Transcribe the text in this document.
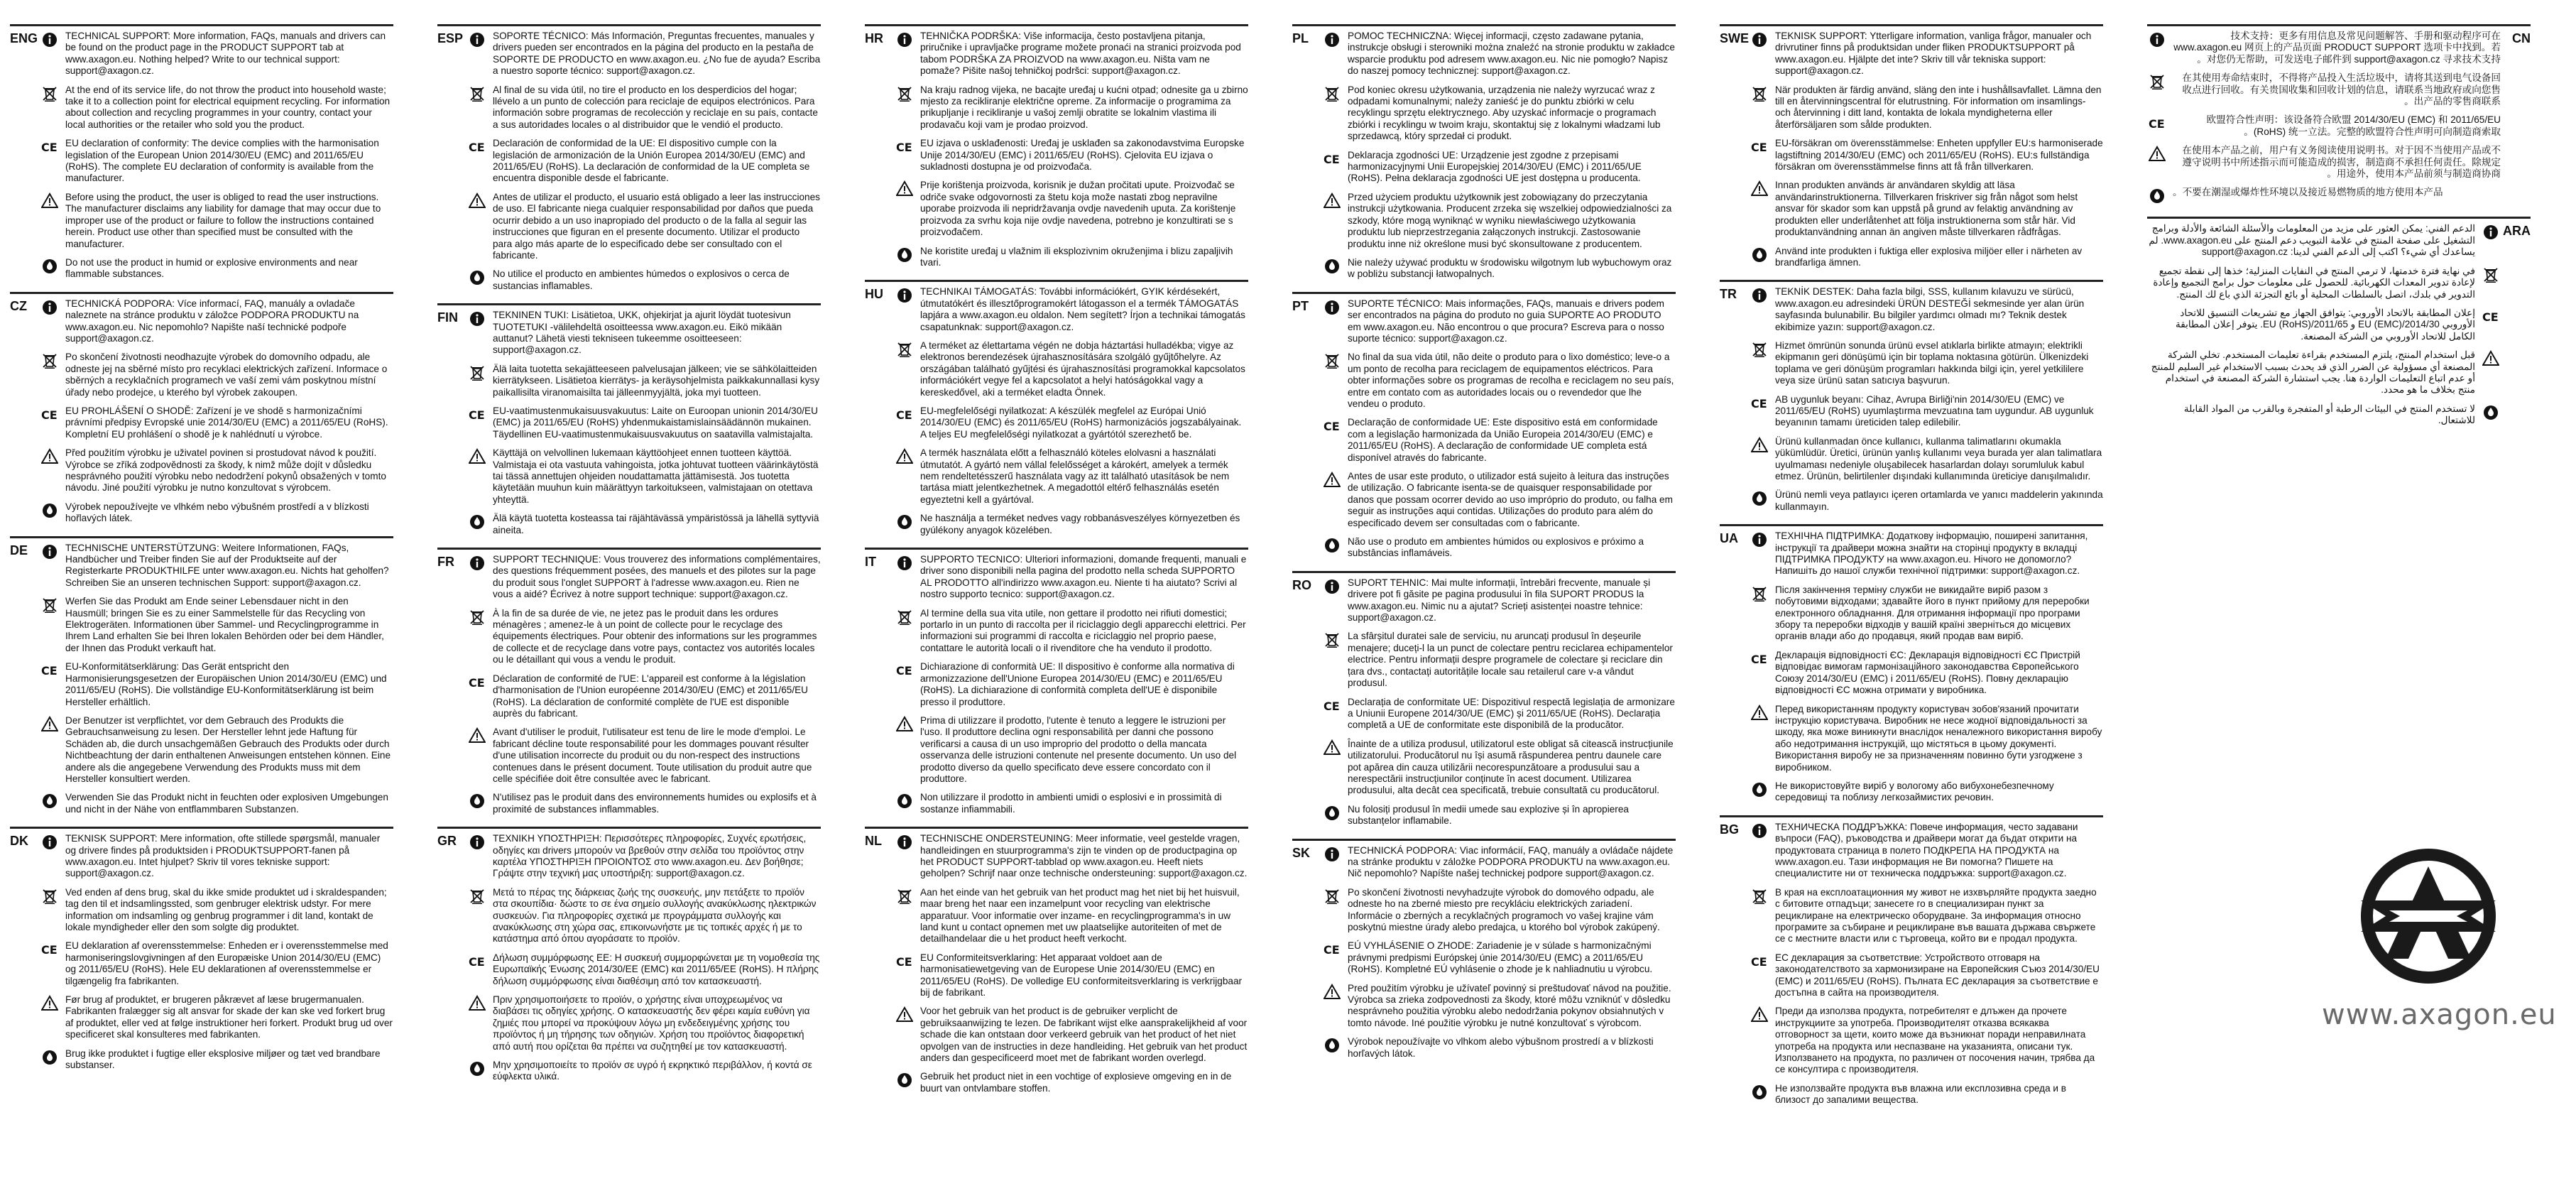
ENG	TECHNICAL SUPPORT: More information, FAQs, manuals and drivers can be found on the product page in the PRODUCT SUPPORT tab at www.axagon.eu. Nothing helped? Write to our technical support: support@axagon.cz.
At the end of its service life, do not throw the product into household waste; take it to a collection point for electrical equipment recycling. For information about collection and recycling programmes in your country, contact your local authorities or the retailer who sold you the product.
CE EU declaration of conformity: The device complies with the harmonisation legislation of the European Union 2014/30/EU (EMC) and 2011/65/EU (RoHS). The complete EU declaration of conformity is available from the manufacturer.
Before using the product, the user is obliged to read the user instructions. The manufacturer disclaims any liability for damage that may occur due to improper use of the product or failure to follow the instructions contained herein. Product use other than specified must be consulted with the manufacturer.
Do not use the product in humid or explosive environments and near flammable substances.
CZ	TECHNICKÁ PODPORA: Více informací, FAQ, manuály a ovladače naleznete na stránce produktu v záložce PODPORA PRODUKTU na www.axagon.eu. Nic nepomohlo? Napište naší technické podpoře support@axagon.cz.
Po skončení životnosti neodhazujte výrobek do domovního odpadu, ale odneste jej na sběrné místo pro recyklaci elektrických zařízení. Informace o sběrných a recyklačních programech ve vaší zemi vám poskytnou místní úřady nebo prodejce, u kterého byl výrobek zakoupen.
CE EU PROHLÁŠENÍ O SHODĚ: Zařízení je ve shodě s harmonizačními právními předpisy Evropské unie 2014/30/EU (EMC) a 2011/65/EU (RoHS). Kompletní EU prohlášení o shodě je k nahlédnutí u výrobce.
Před použitím výrobku je uživatel povinen si prostudovat návod k použití. Výrobce se zříká zodpovědnosti za škody, k nimž může dojít v důsledku nesprávného použití výrobku nebo nedodržení pokynů obsažených v tomto návodu. Jiné použití výrobku je nutno konzultovat s výrobcem.
Výrobek nepoužívejte ve vlhkém nebo výbušném prostředí a v blízkosti hořlavých látek.
DE	TECHNISCHE UNTERSTÜTZUNG: Weitere Informationen, FAQs, Handbücher und Treiber finden Sie auf der Produktseite auf der Registerkarte PRODUKTHILFE unter www.axagon.eu. Nichts hat geholfen? Schreiben Sie an unseren technischen Support: support@axagon.cz.
Werfen Sie das Produkt am Ende seiner Lebensdauer nicht in den Hausmüll; bringen Sie es zu einer Sammelstelle für das Recycling von Elektrogeräten. Informationen über Sammel- und Recyclingprogramme in Ihrem Land erhalten Sie bei Ihren lokalen Behörden oder bei dem Händler, der Ihnen das Produkt verkauft hat.
CE EU-Konformitätserklärung: Das Gerät entspricht den Harmonisierungsgesetzen der Europäischen Union 2014/30/EU (EMC) und 2011/65/EU (RoHS). Die vollständige EU-Konformitätserklärung ist beim Hersteller erhältlich.
Der Benutzer ist verpflichtet, vor dem Gebrauch des Produkts die Gebrauchsanweisung zu lesen. Der Hersteller lehnt jede Haftung für Schäden ab, die durch unsachgemäßen Gebrauch des Produkts oder durch Nichtbeachtung der darin enthaltenen Anweisungen entstehen können. Eine andere als die angegebene Verwendung des Produkts muss mit dem Hersteller konsultiert werden.
Verwenden Sie das Produkt nicht in feuchten oder explosiven Umgebungen und nicht in der Nähe von entflammbaren Substanzen.
DK	TEKNISK SUPPORT: Mere information, ofte stillede spørgsmål, manualer og drivere findes på produktsiden i PRODUKTSUPPORT-fanen på www.axagon.eu. Intet hjulpet? Skriv til vores tekniske support: support@axagon.cz.
Ved enden af dens brug, skal du ikke smide produktet ud i skraldespanden; tag den til et indsamlingssted, som genbruger elektrisk udstyr. For mere information om indsamling og genbrug programmer i dit land, kontakt de lokale myndigheder eller den som solgte dig produktet.
CE EU deklaration af overensstemmelse: Enheden er i overensstemmelse med harmoniseringslovgivningen af den Europæiske Union 2014/30/EU (EMC) og 2011/65/EU (RoHS). Hele EU deklarationen af overensstemmelse er tilgængelig fra fabrikanten.
Før brug af produktet, er brugeren påkrævet af læse brugermanualen. Fabrikanten fralægger sig alt ansvar for skade der kan ske ved forkert brug af produktet, eller ved at følge instruktioner heri forkert. Produkt brug ud over specificeret skal konsulteres med fabrikanten.
Brug ikke produktet i fugtige eller eksplosive miljøer og tæt ved brandbare substanser.
ESP	SOPORTE TÉCNICO: Más Información, Preguntas frecuentes, manuales y drivers pueden ser encontrados en la página del producto en la pestaña de SOPORTE DE PRODUCTO en www.axagon.eu. ¿No fue de ayuda? Escriba a nuestro soporte técnico: support@axagon.cz.
Al final de su vida útil, no tire el producto en los desperdicios del hogar; llévelo a un punto de colección para reciclaje de equipos electrónicos. Para información sobre programas de recolección y reciclaje en su país, contacte a sus autoridades locales o al distribuidor que le vendió el producto.
CE Declaración de conformidad de la UE: El dispositivo cumple con la legislación de armonización de la Unión Europea 2014/30/EU (EMC) and 2011/65/EU (RoHS). La declaración de conformidad de la UE completa se encuentra disponible desde el fabricante.
Antes de utilizar el producto, el usuario está obligado a leer las instrucciones de uso. El fabricante niega cualquier responsabilidad por daños que pueda ocurrir debido a un uso inapropiado del producto o de la falla al seguir las instrucciones que figuran en el presente documento. Utilizar el producto para algo más aparte de lo especificado debe ser consultado con el fabricante.
No utilice el producto en ambientes húmedos o explosivos o cerca de sustancias inflamables.
FIN	TEKNINEN TUKI: Lisätietoa, UKK, ohjekirjat ja ajurit löydät tuotesivun TUOTETUKI -välilehdeltä osoitteessa www.axagon.eu. Eikö mikään auttanut? Lähetä viesti tekniseen tukeemme osoitteeseen: support@axagon.cz.
Älä laita tuotetta sekajätteeseen palvelusajan jälkeen; vie se sähkölaitteiden kierrätykseen. Lisätietoa kierrätys- ja keräysohjelmista paikkakunnallasi kysy paikallisilta viranomaisilta tai jälleenmyyjältä, joka myi tuotteen.
CE EU-vaatimustenmukaisuusvakuutus: Laite on Euroopan unionin 2014/30/EU (EMC) ja 2011/65/EU (RoHS) yhdenmukaistamislainsäädännön mukainen. Täydellinen EU-vaatimustenmukaisuusvakuutus on saatavilla valmistajalta.
Käyttäjä on velvollinen lukemaan käyttöohjeet ennen tuotteen käyttöä. Valmistaja ei ota vastuuta vahingoista, jotka johtuvat tuotteen väärinkäytöstä tai tässä annettujen ohjeiden noudattamatta jättämisestä. Jos tuotetta käytetään muuhun kuin määrättyyn tarkoitukseen, valmistajaan on otettava yhteyttä.
Älä käytä tuotetta kosteassa tai räjähtävässä ympäristössä ja lähellä syttyviä aineita.
FR	SUPPORT TECHNIQUE: Vous trouverez des informations complémentaires, des questions fréquemment posées, des manuels et des pilotes sur la page du produit sous l'onglet SUPPORT à l'adresse www.axagon.eu. Rien ne vous a aidé? Écrivez à notre support technique: support@axagon.cz.
À la fin de sa durée de vie, ne jetez pas le produit dans les ordures ménagères ; amenez-le à un point de collecte pour le recyclage des équipements électriques. Pour obtenir des informations sur les programmes de collecte et de recyclage dans votre pays, contactez vos autorités locales ou le détaillant qui vous a vendu le produit.
CE Déclaration de conformité de l'UE: L'appareil est conforme à la législation d'harmonisation de l'Union européenne 2014/30/EU (EMC) et 2011/65/EU (RoHS). La déclaration de conformité complète de l'UE est disponible auprès du fabricant.
Avant d'utiliser le produit, l'utilisateur est tenu de lire le mode d'emploi. Le fabricant décline toute responsabilité pour les dommages pouvant résulter d'une utilisation incorrecte du produit ou du non-respect des instructions contenues dans le présent document. Toute utilisation du produit autre que celle spécifiée doit être consultée avec le fabricant.
N'utilisez pas le produit dans des environnements humides ou explosifs et à proximité de substances inflammables.
GR	ΤΕΧΝΙΚΗ ΥΠΟΣΤΗΡΙΞΗ: Περισσότερες πληροφορίες, Συχνές ερωτήσεις, οδηγίες και drivers μπορούν να βρεθούν στην σελίδα του προϊόντος στην καρτέλα ΥΠΟΣΤΗΡΙΞΗ ΠΡΟΙΟΝΤΟΣ στο www.axagon.eu. Δεν βοήθησε; Γράψτε στην τεχνική μας υποστήριξη: support@axagon.cz.
Μετά το πέρας της διάρκειας ζωής της συσκευής, μην πετάξετε το προϊόν στα σκουπίδια· δώστε το σε ένα σημείο συλλογής ανακύκλωσης ηλεκτρικών συσκευών. Για πληροφορίες σχετικά με προγράμματα συλλογής και ανακύκλωσης στη χώρα σας, επικοινωνήστε με τις τοπικές αρχές ή με το κατάστημα από όπου αγοράσατε το προϊόν.
CE Δήλωση συμμόρφωσης ΕΕ: Η συσκευή συμμορφώνεται με τη νομοθεσία της Ευρωπαϊκής Ένωσης 2014/30/EE (EMC) και 2011/65/EE (RoHS). Η πλήρης δήλωση συμμόρφωσης είναι διαθέσιμη από τον κατασκευαστή.
Πριν χρησιμοποιήσετε το προϊόν, ο χρήστης είναι υποχρεωμένος να διαβάσει τις οδηγίες χρήσης. Ο κατασκευαστής δεν φέρει καμία ευθύνη για ζημιές που μπορεί να προκύψουν λόγω μη ενδεδειγμένης χρήσης του προϊόντος ή μη τήρησης των οδηγιών. Χρήση του προϊόντος διαφορετική από αυτή που ορίζεται θα πρέπει να συζητηθεί με τον κατασκευαστή.
Μην χρησιμοποιείτε το προϊόν σε υγρό ή εκρηκτικό περιβάλλον, ή κοντά σε εύφλεκτα υλικά.
HR	TEHNIČKA PODRŠKA: Više informacija, često postavljena pitanja, priručnike i upravljačke programe možete pronaći na stranici proizvoda pod tabom PODRŠKA ZA PROIZVOD na www.axagon.eu. Ništa vam ne pomaže? Pišite našoj tehničkoj podršci: support@axagon.cz.
Na kraju radnog vijeka, ne bacajte uređaj u kućni otpad; odnesite ga u zbirno mjesto za recikliranje električne opreme. Za informacije o programima za prikupljanje i recikliranje u vašoj zemlji obratite se lokalnim vlastima ili prodavaču koji vam je prodao proizvod.
CE EU izjava o usklađenosti: Uređaj je usklađen sa zakonodavstvima Europske Unije 2014/30/EU (EMC) i 2011/65/EU (RoHS). Cjelovita EU izjava o sukladnosti dostupna je od proizvođača.
Prije korištenja proizvoda, korisnik je dužan pročitati upute. Proizvođač se odriče svake odgovornosti za štetu koja može nastati zbog nepravilne uporabe proizvoda ili nepridržavanja ovdje navedenih uputa. Za korištenje proizvoda za svrhu koja nije ovdje navedena, potrebno je konzultirati se s proizvođačem.
Ne koristite uređaj u vlažnim ili eksplozivnim okruženjima i blizu zapaljivih tvari.
HU	TECHNIKAI TÁMOGATÁS: További információkért, GYIK kérdésekért, útmutatókért és illesztőprogramokért látogasson el a termék TÁMOGATÁS lapjára a www.axagon.eu oldalon. Nem segített? Írjon a technikai támogatás csapatunknak: support@axagon.cz.
A terméket az élettartama végén ne dobja háztartási hulladékba; vigye az elektronos berendezések újrahasznosítására szolgáló gyűjtőhelyre. Az országában található gyűjtési és újrahasznosítási programokkal kapcsolatos információkért vegye fel a kapcsolatot a helyi hatóságokkal vagy a kereskedővel, aki a terméket eladta Önnek.
CE EU-megfelelőségi nyilatkozat: A készülék megfelel az Európai Unió 2014/30/EU (EMC) és 2011/65/EU (RoHS) harmonizációs jogszabályainak. A teljes EU megfelelőségi nyilatkozat a gyártótól szerezhető be.
A termék használata előtt a felhasználó köteles elolvasni a használati útmutatót. A gyártó nem vállal felelősséget a károkért, amelyek a termék nem rendeltetésszerű használata vagy az itt található utasítások be nem tartása miatt jelentkezhetnek. A megadottól eltérő felhasználás esetén egyeztetni kell a gyártóval.
Ne használja a terméket nedves vagy robbanásveszélyes környezetben és gyúlékony anyagok közelében.
IT	SUPPORTO TECNICO: Ulteriori informazioni, domande frequenti, manuali e driver sono disponibili nella pagina del prodotto nella scheda SUPPORTO AL PRODOTTO all'indirizzo www.axagon.eu. Niente ti ha aiutato? Scrivi al nostro supporto tecnico: support@axagon.cz.
Al termine della sua vita utile, non gettare il prodotto nei rifiuti domestici; portarlo in un punto di raccolta per il riciclaggio degli apparecchi elettrici. Per informazioni sui programmi di raccolta e riciclaggio nel proprio paese, contattare le autorità locali o il rivenditore che ha venduto il prodotto.
CE Dichiarazione di conformità UE: Il dispositivo è conforme alla normativa di armonizzazione dell'Unione Europea 2014/30/EU (EMC) e 2011/65/EU (RoHS). La dichiarazione di conformità completa dell'UE è disponibile presso il produttore.
Prima di utilizzare il prodotto, l'utente è tenuto a leggere le istruzioni per l'uso. Il produttore declina ogni responsabilità per danni che possono verificarsi a causa di un uso improprio del prodotto o della mancata osservanza delle istruzioni contenute nel presente documento. Un uso del prodotto diverso da quello specificato deve essere concordato con il produttore.
Non utilizzare il prodotto in ambienti umidi o esplosivi e in prossimità di sostanze infiammabili.
NL	TECHNISCHE ONDERSTEUNING: Meer informatie, veel gestelde vragen, handleidingen en stuurprogramma's zijn te vinden op de productpagina op het PRODUCT SUPPORT-tabblad op www.axagon.eu. Heeft niets geholpen? Schrijf naar onze technische ondersteuning: support@axagon.cz.
Aan het einde van het gebruik van het product mag het niet bij het huisvuil, maar breng het naar een inzamelpunt voor recycling van elektrische apparatuur. Voor informatie over inzame- en recyclingprogramma's in uw land kunt u contact opnemen met uw plaatselijke autoriteiten of met de detailhandelaar die u het product heeft verkocht.
CE EU Conformiteitsverklaring: Het apparaat voldoet aan de harmonisatiewetgeving van de Europese Unie 2014/30/EU (EMC) en 2011/65/EU (RoHS). De volledige EU conformiteitsverklaring is verkrijgbaar bij de fabrikant.
Voor het gebruik van het product is de gebruiker verplicht de gebruiksaanwijzing te lezen. De fabrikant wijst elke aansprakelijkheid af voor schade die kan ontstaan door verkeerd gebruik van het product of het niet opvolgen van de instructies in deze handleiding. Het gebruik van het product anders dan gespecificeerd moet met de fabrikant worden overlegd.
Gebruik het product niet in een vochtige of explosieve omgeving en in de buurt van ontvlambare stoffen.
PL	POMOC TECHNICZNA: Więcej informacji, często zadawane pytania, instrukcje obsługi i sterowniki można znaleźć na stronie produktu w zakładce wsparcie produktu pod adresem www.axagon.eu. Nic nie pomogło? Napisz do naszej pomocy technicznej: support@axagon.cz.
Pod koniec okresu użytkowania, urządzenia nie należy wyrzucać wraz z odpadami komunalnymi; należy zanieść je do punktu zbiórki w celu recyklingu sprzętu elektrycznego. Aby uzyskać informacje o programach zbiórki i recyklingu w twoim kraju, skontaktuj się z lokalnymi władzami lub sprzedawcą, który sprzedał ci produkt.
CE Deklaracja zgodności UE: Urządzenie jest zgodne z przepisami harmonizacyjnymi Unii Europejskiej 2014/30/EU (EMC) i 2011/65/UE (RoHS). Pełna deklaracja zgodności UE jest dostępna u producenta.
Przed użyciem produktu użytkownik jest zobowiązany do przeczytania instrukcji użytkowania. Producent zrzeka się wszelkiej odpowiedzialności za szkody, które mogą wyniknąć w wyniku niewłaściwego użytkowania produktu lub nieprzestrzegania załączonych instrukcji. Zastosowanie produktu inne niż określone musi być skonsultowane z producentem.
Nie należy używać produktu w środowisku wilgotnym lub wybuchowym oraz w pobliżu substancji łatwopalnych.
PT	SUPORTE TÉCNICO: Mais informações, FAQs, manuais e drivers podem ser encontrados na página do produto no guia SUPORTE AO PRODUTO em www.axagon.eu. Não encontrou o que procura? Escreva para o nosso suporte técnico: support@axagon.cz.
No final da sua vida útil, não deite o produto para o lixo doméstico; leve-o a um ponto de recolha para reciclagem de equipamentos eléctricos. Para obter informações sobre os programas de recolha e reciclagem no seu país, entre em contato com as autoridades locais ou o revendedor que lhe vendeu o produto.
CE Declaração de conformidade UE: Este dispositivo está em conformidade com a legislação harmonizada da União Europeia 2014/30/EU (EMC) e 2011/65/EU (RoHS). A declaração de conformidade UE completa está disponível através do fabricante.
Antes de usar este produto, o utilizador está sujeito à leitura das instruções de utilização. O fabricante isenta-se de quaisquer responsabilidade por danos que possam ocorrer devido ao uso impróprio do produto, ou falha em seguir as instruções aqui contidas. Utilizações do produto para além do especificado devem ser consultadas com o fabricante.
Não use o produto em ambientes húmidos ou explosivos e próximo a substâncias inflamáveis.
RO	SUPORT TEHNIC: Mai multe informații, întrebări frecvente, manuale și drivere pot fi găsite pe pagina produsului în fila SUPORT PRODUS la www.axagon.eu. Nimic nu a ajutat? Scrieți asistenței noastre tehnice: support@axagon.cz.
La sfârșitul duratei sale de serviciu, nu aruncați produsul în deșeurile menajere; duceți-l la un punct de colectare pentru reciclarea echipamentelor electrice. Pentru informații despre programele de colectare și reciclare din țara dvs., contactați autoritățile locale sau retailerul care v-a vândut produsul.
CE Declarația de conformitate UE: Dispozitivul respectă legislația de armonizare a Uniunii Europene 2014/30/UE (EMC) și 2011/65/UE (RoHS). Declarația completă a UE de conformitate este disponibilă de la producător.
Înainte de a utiliza produsul, utilizatorul este obligat să citească instrucțiunile utilizatorului. Producătorul nu își asumă răspunderea pentru daunele care pot apărea din cauza utilizării necorespunzătoare a produsului sau a nerespectării instrucțiunilor conținute în acest document. Utilizarea produsului, alta decât cea specificată, trebuie consultată cu producătorul.
Nu folosiți produsul în medii umede sau explozive și în apropierea substanțelor inflamabile.
SK	TECHNICKÁ PODPORA: Viac informácií, FAQ, manuály a ovládače nájdete na stránke produktu v záložke PODPORA PRODUKTU na www.axagon.eu. Nič nepomohlo? Napíšte našej technickej podpore support@axagon.cz.
Po skončení životnosti nevyhadzujte výrobok do domového odpadu, ale odneste ho na zberné miesto pre recykláciu elektrických zariadení. Informácie o zberných a recyklačných programoch vo vašej krajine vám poskytnú miestne úrady alebo predajca, u ktorého bol výrobok zakúpený.
CE EÚ VYHLÁSENIE O ZHODE: Zariadenie je v súlade s harmonizačnými právnymi predpismi Európskej únie 2014/30/EU (EMC) a 2011/65/EU (RoHS). Kompletné EÚ vyhlásenie o zhode je k nahliadnutiu u výrobcu.
Pred použitím výrobku je užívateľ povinný si preštudovať návod na použitie. Výrobca sa zrieka zodpovednosti za škody, ktoré môžu vzniknúť v dôsledku nesprávneho použitia výrobku alebo nedodržania pokynov obsiahnutých v tomto návode. Iné použitie výrobku je nutné konzultovať s výrobcom.
Výrobok nepoužívajte vo vlhkom alebo výbušnom prostredí a v blízkosti horľavých látok.
SWE	TEKNISK SUPPORT: Ytterligare information, vanliga frågor, manualer och drivrutiner finns på produktsidan under fliken PRODUKTSUPPORT på www.axagon.eu. Hjälpte det inte? Skriv till vår tekniska support: support@axagon.cz.
När produkten är färdig använd, släng den inte i hushållsavfallet. Lämna den till en återvinningscentral för elutrustning. För information om insamlings- och återvinning i ditt land, kontakta de lokala myndigheterna eller återförsäljaren som sålde produkten.
CE EU-försäkran om överensstämmelse: Enheten uppfyller EU:s harmoniserade lagstiftning 2014/30/EU (EMC) och 2011/65/EU (RoHS). EU:s fullständiga försäkran om överensstämmelse finns att få från tillverkaren.
Innan produkten används är användaren skyldig att läsa användarinstruktionerna. Tillverkaren friskriver sig från något som helst ansvar för skador som kan uppstå på grund av felaktig användning av produkten eller underlåtenhet att följa instruktionerna som står här. Vid produktanvändning annan än angiven måste tillverkaren rådfrågas.
Använd inte produkten i fuktiga eller explosiva miljöer eller i närheten av brandfarliga ämnen.
TR	TEKNİK DESTEK: Daha fazla bilgi, SSS, kullanım kılavuzu ve sürücü, www.axagon.eu adresindeki ÜRÜN DESTEĞİ sekmesinde yer alan ürün sayfasında bulunabilir. Bu bilgiler yardımcı olmadı mı? Teknik destek ekibimize yazın: support@axagon.cz.
Hizmet ömrünün sonunda ürünü evsel atıklarla birlikte atmayın; elektrikli ekipmanın geri dönüşümü için bir toplama noktasına götürün. Ülkenizdeki toplama ve geri dönüşüm programları hakkında bilgi için, yerel yetkililere veya size ürünü satan satıcıya başvurun.
CE AB uygunluk beyanı: Cihaz, Avrupa Birliği'nin 2014/30/EU (EMC) ve 2011/65/EU (RoHS) uyumlaştırma mevzuatına tam uygundur. AB uygunluk beyanının tamamı üreticiden talep edilebilir.
Ürünü kullanmadan önce kullanıcı, kullanma talimatlarını okumakla yükümlüdür. Üretici, ürünün yanlış kullanımı veya burada yer alan talimatlara uyulmaması nedeniyle oluşabilecek hasarlardan dolayı sorumluluk kabul etmez. Ürünün, belirtilenler dışındaki kullanımında üreticiye danışılmalıdır.
Ürünü nemli veya patlayıcı içeren ortamlarda ve yanıcı maddelerin yakınında kullanmayın.
UA	ТЕХНІЧНА ПІДТРИМКА: Додаткову інформацію, поширені запитання, інструкції та драйвери можна знайти на сторінці продукту в вкладці ПІДТРИМКА ПРОДУКТУ на www.axagon.eu. Нічого не допомогло? Напишіть до нашої служби технічної підтримки: support@axagon.cz.
Після закінчення терміну служби не викидайте виріб разом з побутовими відходами; здавайте його в пункт прийому для переробки електронного обладнання. Для отримання інформації про програми збору та переробки відходів у вашій країні зверніться до місцевих органів влади або до продавця, який продав вам виріб.
CE Декларація відповідності ЄС: Декларація відповідності ЄС Пристрій відповідає вимогам гармонізаційного законодавства Європейського Союзу 2014/30/EU (EMC) і 2011/65/EU (RoHS). Повну декларацію відповідності ЄС можна отримати у виробника.
Перед використанням продукту користувач зобов'язаний прочитати інструкцію користувача. Виробник не несе жодної відповідальності за шкоду, яка може виникнути внаслідок неналежного використання виробу або недотримання інструкцій, що містяться в цьому документі. Використання виробу не за призначенням повинно бути узгоджене з виробником.
Не використовуйте виріб у вологому або вибухонебезпечному середовищі та поблизу легкозаймистих речовин.
BG	ТЕХНИЧЕСКА ПОДДРЪЖКА: Повече информация, често задавани въпроси (FAQ), ръководства и драйвери могат да бъдат открити на продуктовата страница в полето ПОДКРЕПА НА ПРОДУКТА на www.axagon.eu. Тази информация не Ви помогна? Пишете на специалистите ни от техническа поддръжка: support@axagon.cz.
В края на експлоатационния му живот не изхвърляйте продукта заедно с битовите отпадъци; занесете го в специализиран пункт за рециклиране на електрическо оборудване. За информация относно програмите за събиране и рециклиране във вашата държава свържете се с местните власти или с търговеца, който ви е продал продукта.
CE ЕС декларация за съответствие: Устройството отговаря на законодателството за хармонизиране на Европейския Съюз 2014/30/EU (EMC) и 2011/65/EU (RoHS). Пълната ЕС декларация за съответствие е достъпна в сайта на производителя.
Преди да използва продукта, потребителят е длъжен да прочете инструкциите за употреба. Производителят отказва всякаква отговорност за щети, които може да възникнат поради неправилната употреба на продукта или неспазване на указанията, описани тук. Използването на продукта, по различен от посочения начин, трябва да се консултира с производителя.
Не използвайте продукта във влажна или експлозивна среда и в близост до запалими вещества.
CN
技术支持：更多有用信息及常见问题解答、手册和驱动程序可在 www.axagon.eu 网页上的产品页面 PRODUCT SUPPORT 选项卡中找到。若对您仍无帮助，可发送电子邮件到 support@axagon.cz 寻求技术支持。
在其使用寿命结束时，不得将产品投入生活垃圾中，请将其送到电气设备回收点进行回收。有关贵国收集和回收计划的信息，请联系当地政府或向您售出产品的零售商联系。
CE	欧盟符合性声明：该设备符合欧盟 2014/30/EU (EMC) 和 2011/65/EU (RoHS) 统一立法。完整的欧盟符合性声明可向制造商索取。
在使用本产品之前，用户有义务阅读使用说明书。对于因不当使用产品或不遵守说明书中所述指示而可能造成的损害，制造商不承担任何责任。除规定用途外，使用本产品前须与制造商协商。
不要在潮湿或爆炸性环境以及接近易燃物质的地方使用本产品。
ARA
الدعم الفني: يمكن العثور على مزيد من المعلومات والأسئلة الشائعة والأدلة وبرامج التشغيل على صفحة المنتج في علامة التبويب دعم المنتج على www.axagon.eu. لم يساعدك أي شيء؟ اكتب إلى الدعم الفني لدينا: support@axagon.cz
في نهاية فترة خدمتها، لا ترمي المنتج في النفايات المنزلية؛ خذها إلى نقطة تجميع لإعادة تدوير المعدات الكهربائية. للحصول على معلومات حول برامج التجميع وإعادة التدوير في بلدك، اتصل بالسلطات المحلية أو بائع التجزئة الذي باع لك المنتج.
CE
إعلان المطابقة بالاتحاد الأوروبي: يتوافق الجهاز مع تشريعات التنسيق للاتحاد الأوروبي 2014/30/EU (EMC) و 2011/65/EU (RoHS). يتوفر إعلان المطابقة الكامل للاتحاد الأوروبي من الشركة المصنعة.
قبل استخدام المنتج، يلتزم المستخدم بقراءة تعليمات المستخدم. تخلي الشركة المصنعة أي مسؤولية عن الضرر الذي قد يحدث بسبب الاستخدام غير السليم للمنتج أو عدم اتباع التعليمات الواردة هنا. يجب استشارة الشركة المصنعة في استخدام منتج بخلاف ما هو محدد.
لا تستخدم المنتج في البيئات الرطبة أو المتفجرة وبالقرب من المواد القابلة للاشتعال.
www.axagon.eu
